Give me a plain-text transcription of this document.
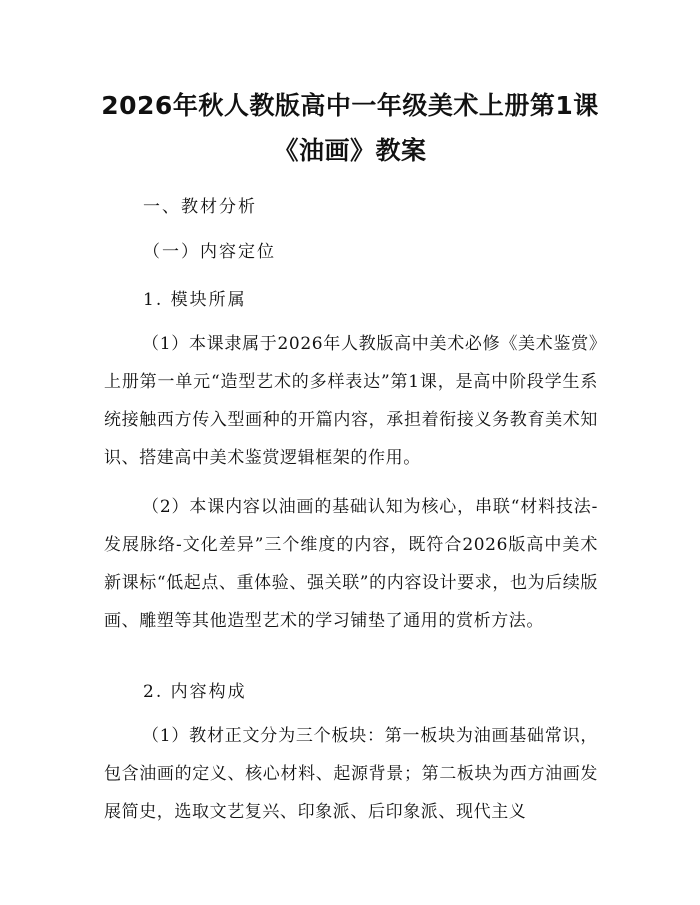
2026年秋人教版高中一年级美术上册第1课
《油画》教案
一、教材分析
（一）内容定位
1. 模块所属
（1）本课隶属于2026年人教版高中美术必修《美术鉴赏》上册第一单元“造型艺术的多样表达”第1课，是高中阶段学生系统接触西方传入型画种的开篇内容，承担着衔接义务教育美术知识、搭建高中美术鉴赏逻辑框架的作用。
（2）本课内容以油画的基础认知为核心，串联“材料技法-发展脉络-文化差异”三个维度的内容，既符合2026版高中美术新课标“低起点、重体验、强关联”的内容设计要求，也为后续版画、雕塑等其他造型艺术的学习铺垫了通用的赏析方法。
2. 内容构成
（1）教材正文分为三个板块：第一板块为油画基础常识，包含油画的定义、核心材料、起源背景；第二板块为西方油画发展简史，选取文艺复兴、印象派、后印象派、现代主义
